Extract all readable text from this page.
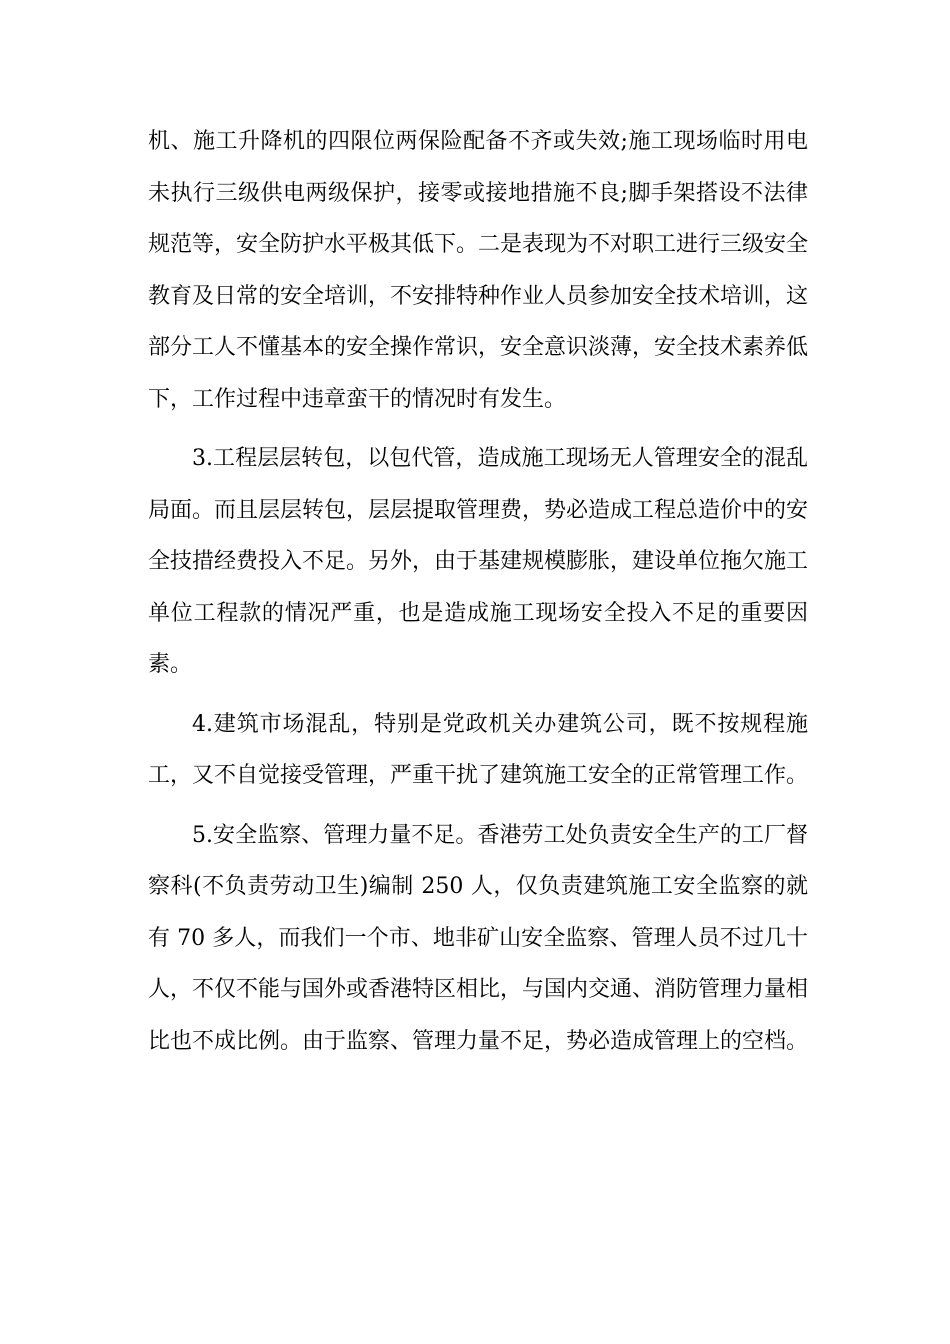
机、施工升降机的四限位两保险配备不齐或失效;施工现场临时用电未执行三级供电两级保护，接零或接地措施不良;脚手架搭设不法律规范等，安全防护水平极其低下。二是表现为不对职工进行三级安全教育及日常的安全培训，不安排特种作业人员参加安全技术培训，这部分工人不懂基本的安全操作常识，安全意识淡薄，安全技术素养低下，工作过程中违章蛮干的情况时有发生。

3.工程层层转包，以包代管，造成施工现场无人管理安全的混乱局面。而且层层转包，层层提取管理费，势必造成工程总造价中的安全技措经费投入不足。另外，由于基建规模膨胀，建设单位拖欠施工单位工程款的情况严重，也是造成施工现场安全投入不足的重要因素。

4.建筑市场混乱，特别是党政机关办建筑公司，既不按规程施工，又不自觉接受管理，严重干扰了建筑施工安全的正常管理工作。

5.安全监察、管理力量不足。香港劳工处负责安全生产的工厂督察科(不负责劳动卫生)编制 250 人，仅负责建筑施工安全监察的就有 70 多人，而我们一个市、地非矿山安全监察、管理人员不过几十人，不仅不能与国外或香港特区相比，与国内交通、消防管理力量相比也不成比例。由于监察、管理力量不足，势必造成管理上的空档。
